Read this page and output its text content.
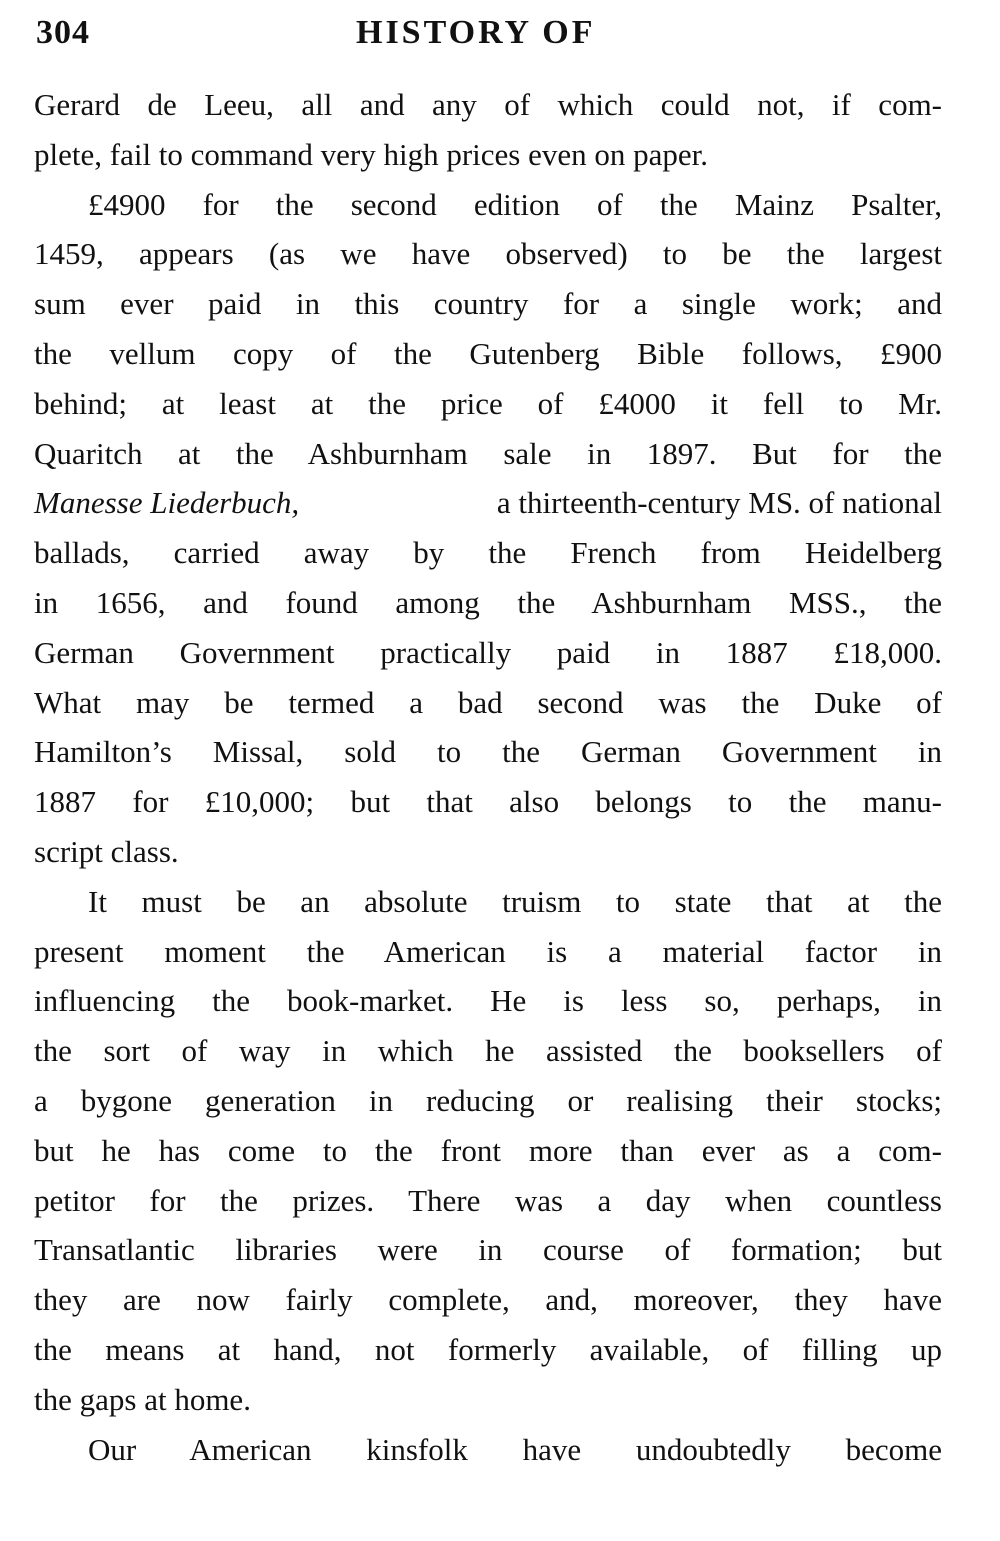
304	HISTORY OF
Gerard de Leeu, all and any of which could not, if com-
plete, fail to command very high prices even on paper.
£4900 for the second edition of the Mainz Psalter,
1459, appears (as we have observed) to be the largest
sum ever paid in this country for a single work; and
the vellum copy of the Gutenberg Bible follows, £900
behind; at least at the price of £4000 it fell to Mr.
Quaritch at the Ashburnham sale in 1897. But for the
Manesse Liederbuch,	a thirteenth-century MS. of national
ballads, carried away by the French from Heidelberg
in 1656, and found among the Ashburnham MSS., the
German Government practically paid in 1887 £18,000.
What may be termed a bad second was the Duke of
Hamilton’s Missal, sold to the German Government in
1887 for £10,000; but that also belongs to the manu-
script class.
It must be an absolute truism to state that at the
present moment the American is a material factor in
influencing the book-market. He is less so, perhaps, in
the sort of way in which he assisted the booksellers of
a bygone generation in reducing or realising their stocks;
but he has come to the front more than ever as a com-
petitor for the prizes. There was a day when countless
Transatlantic libraries were in course of formation; but
they are now fairly complete, and, moreover, they have
the means at hand, not formerly available, of filling up
the gaps at home.
Our American kinsfolk have undoubtedly become
